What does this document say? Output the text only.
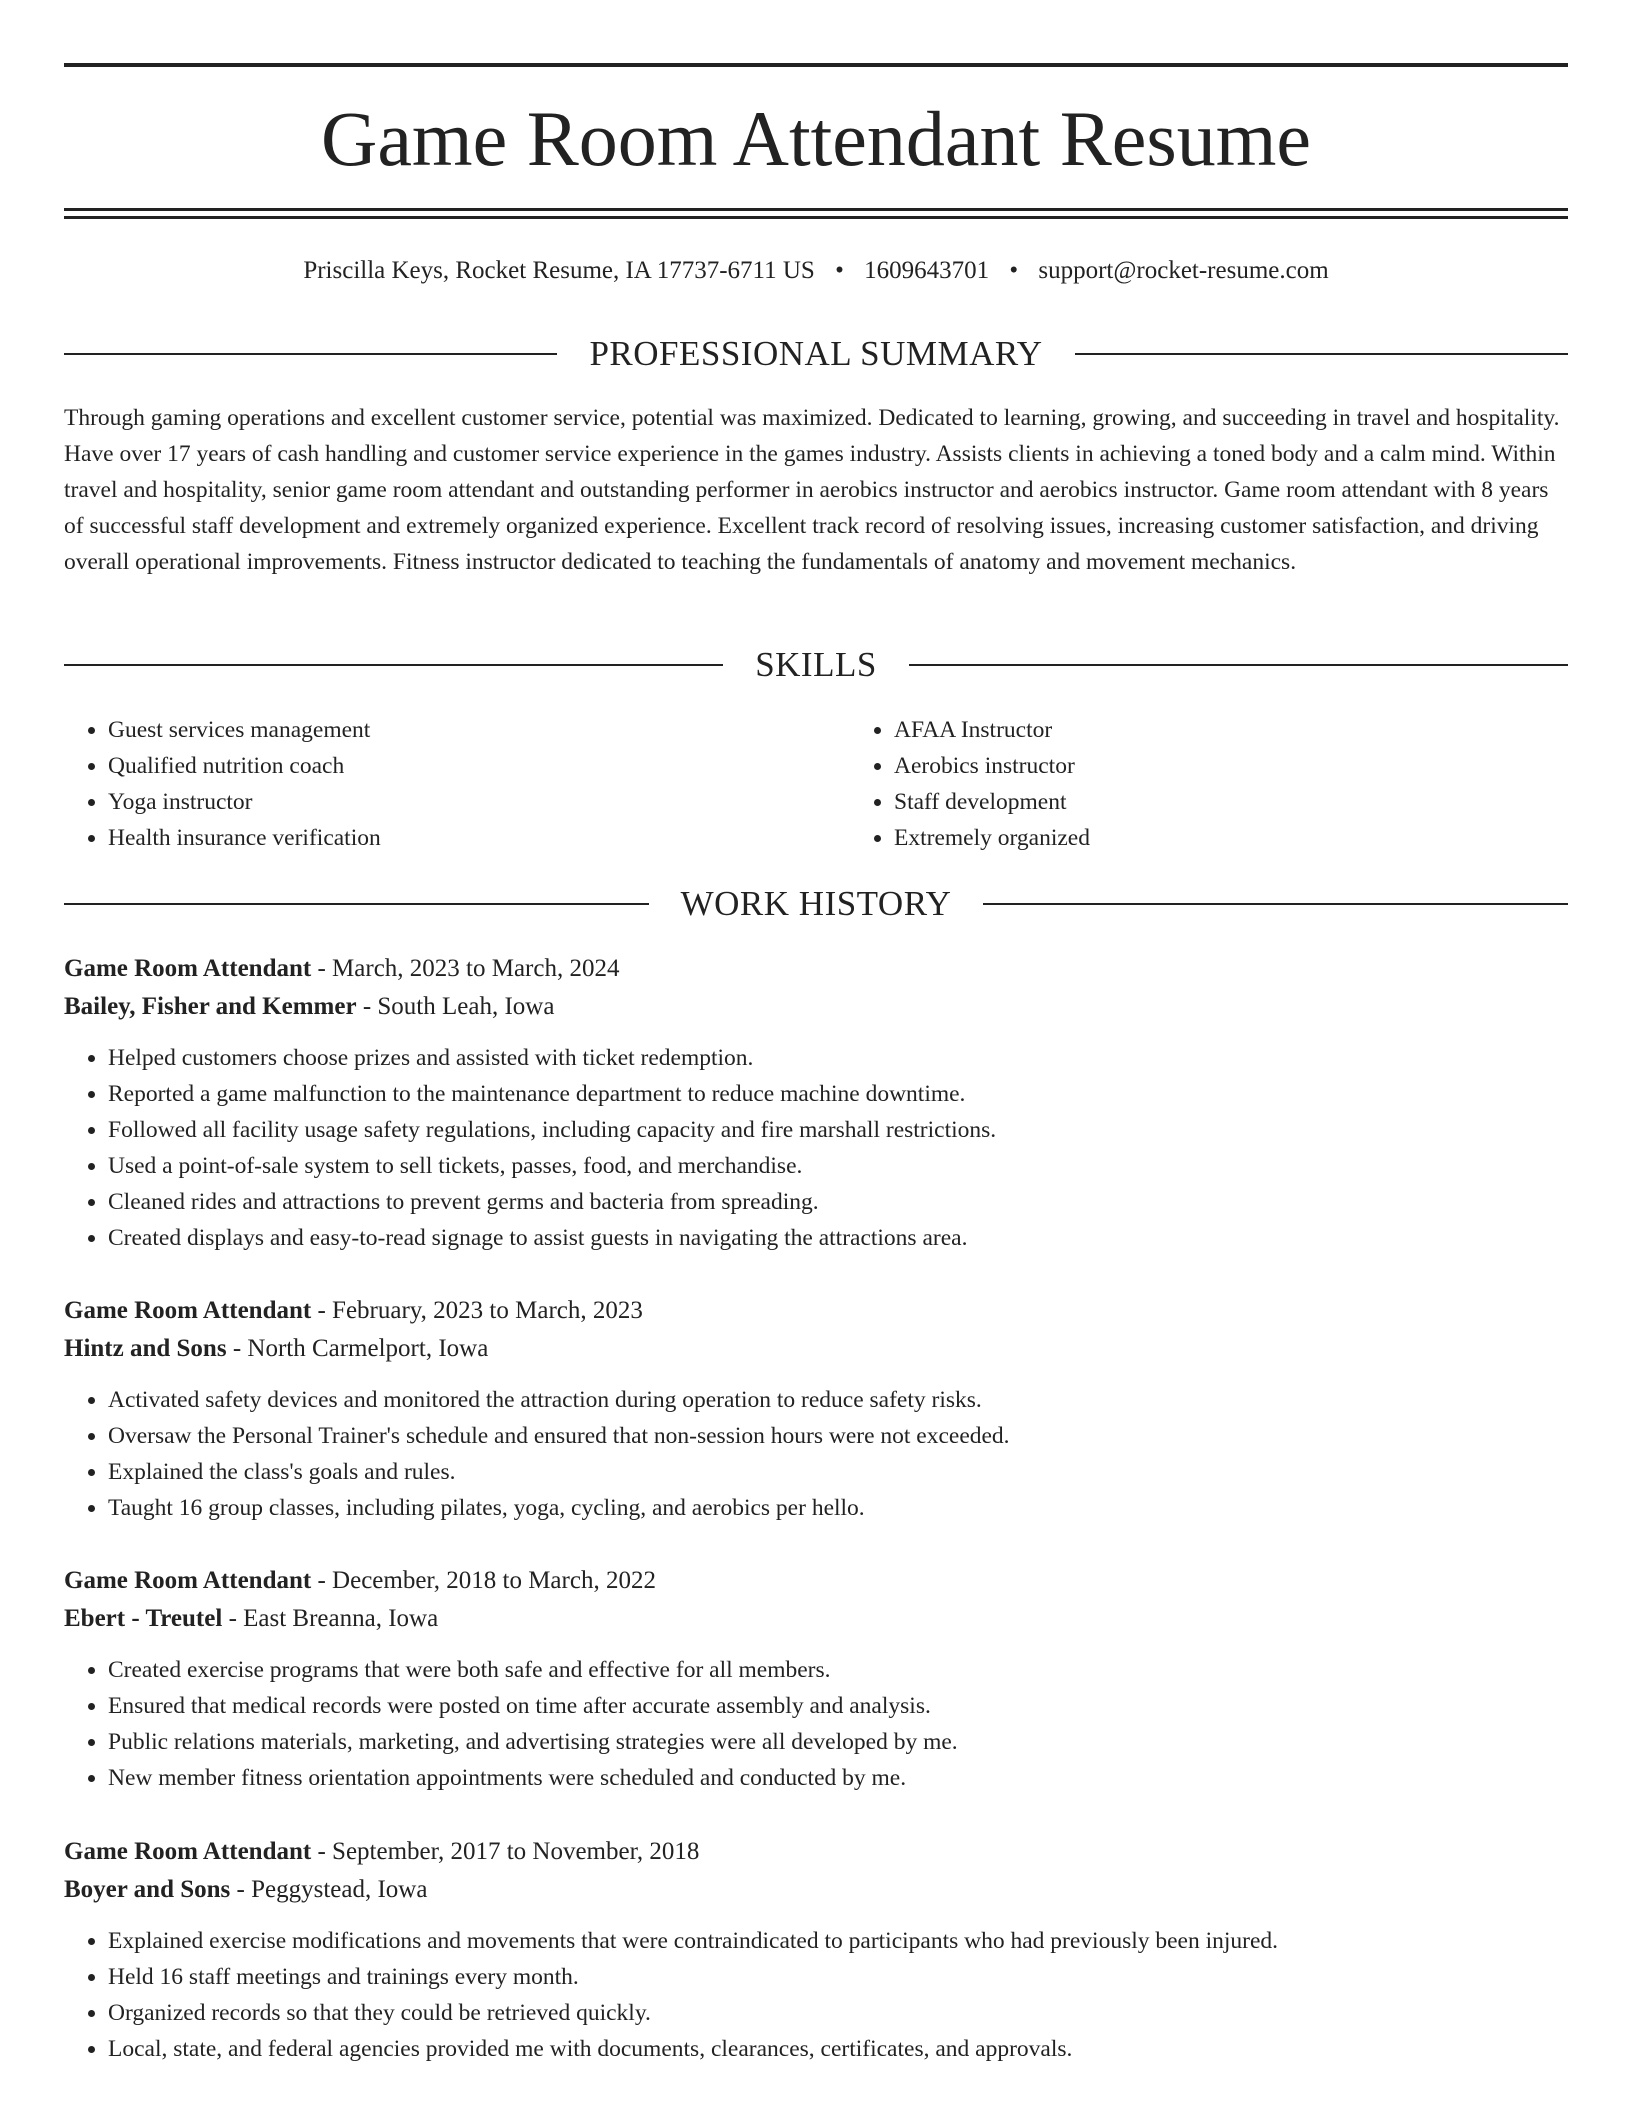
Game Room Attendant Resume
Priscilla Keys, Rocket Resume, IA 17737-6711 US • 1609643701 • support@rocket-resume.com
PROFESSIONAL SUMMARY

Through gaming operations and excellent customer service, potential was maximized. Dedicated to learning, growing, and succeeding in travel and hospitality. Have over 17 years of cash handling and customer service experience in the games industry. Assists clients in achieving a toned body and a calm mind. Within travel and hospitality, senior game room attendant and outstanding performer in aerobics instructor and aerobics instructor. Game room attendant with 8 years of successful staff development and extremely organized experience. Excellent track record of resolving issues, increasing customer satisfaction, and driving overall operational improvements. Fitness instructor dedicated to teaching the fundamentals of anatomy and movement mechanics.

SKILLS
• Guest services management
• Qualified nutrition coach
• Yoga instructor
• Health insurance verification
• AFAA Instructor
• Aerobics instructor
• Staff development
• Extremely organized
WORK HISTORY
Game Room Attendant - March, 2023 to March, 2024
Bailey, Fisher and Kemmer - South Leah, Iowa
• Helped customers choose prizes and assisted with ticket redemption.
• Reported a game malfunction to the maintenance department to reduce machine downtime.
• Followed all facility usage safety regulations, including capacity and fire marshall restrictions.
• Used a point-of-sale system to sell tickets, passes, food, and merchandise.
• Cleaned rides and attractions to prevent germs and bacteria from spreading.
• Created displays and easy-to-read signage to assist guests in navigating the attractions area.
Game Room Attendant - February, 2023 to March, 2023
Hintz and Sons - North Carmelport, Iowa
• Activated safety devices and monitored the attraction during operation to reduce safety risks.
• Oversaw the Personal Trainer's schedule and ensured that non-session hours were not exceeded.
• Explained the class's goals and rules.
• Taught 16 group classes, including pilates, yoga, cycling, and aerobics per hello.
Game Room Attendant - December, 2018 to March, 2022
Ebert - Treutel - East Breanna, Iowa
• Created exercise programs that were both safe and effective for all members.
• Ensured that medical records were posted on time after accurate assembly and analysis.
• Public relations materials, marketing, and advertising strategies were all developed by me.
• New member fitness orientation appointments were scheduled and conducted by me.
Game Room Attendant - September, 2017 to November, 2018
Boyer and Sons - Peggystead, Iowa
• Explained exercise modifications and movements that were contraindicated to participants who had previously been injured.
• Held 16 staff meetings and trainings every month.
• Organized records so that they could be retrieved quickly.
• Local, state, and federal agencies provided me with documents, clearances, certificates, and approvals.
